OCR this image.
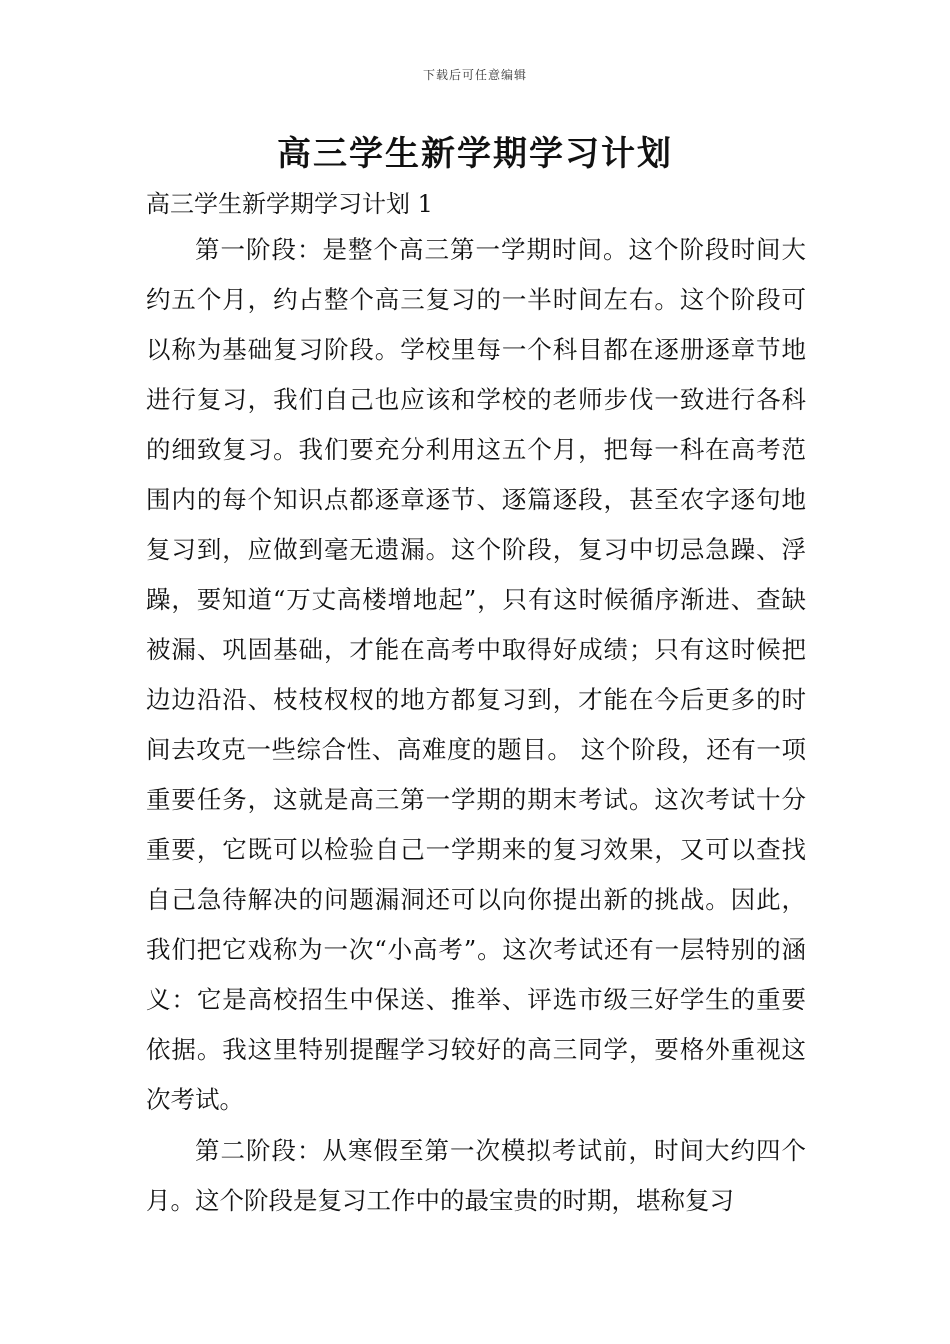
下载后可任意编辑
高三学生新学期学习计划
高三学生新学期学习计划 1

第一阶段：是整个高三第一学期时间。这个阶段时间大约五个月，约占整个高三复习的一半时间左右。这个阶段可以称为基础复习阶段。学校里每一个科目都在逐册逐章节地进行复习，我们自己也应该和学校的老师步伐一致进行各科的细致复习。我们要充分利用这五个月，把每一科在高考范围内的每个知识点都逐章逐节、逐篇逐段，甚至农字逐句地复习到，应做到毫无遗漏。这个阶段，复习中切忌急躁、浮躁，要知道“万丈高楼增地起”，只有这时候循序渐进、查缺被漏、巩固基础，才能在高考中取得好成绩；只有这时候把边边沿沿、枝枝杈杈的地方都复习到，才能在今后更多的时间去攻克一些综合性、高难度的题目。 这个阶段，还有一项重要任务，这就是高三第一学期的期末考试。这次考试十分重要，它既可以检验自己一学期来的复习效果，又可以查找自己急待解决的问题漏洞还可以向你提出新的挑战。因此，我们把它戏称为一次“小高考”。这次考试还有一层特别的涵义：它是高校招生中保送、推举、评选市级三好学生的重要依据。我这里特别提醒学习较好的高三同学，要格外重视这次考试。

第二阶段：从寒假至第一次模拟考试前，时间大约四个月。这个阶段是复习工作中的最宝贵的时期，堪称复习
